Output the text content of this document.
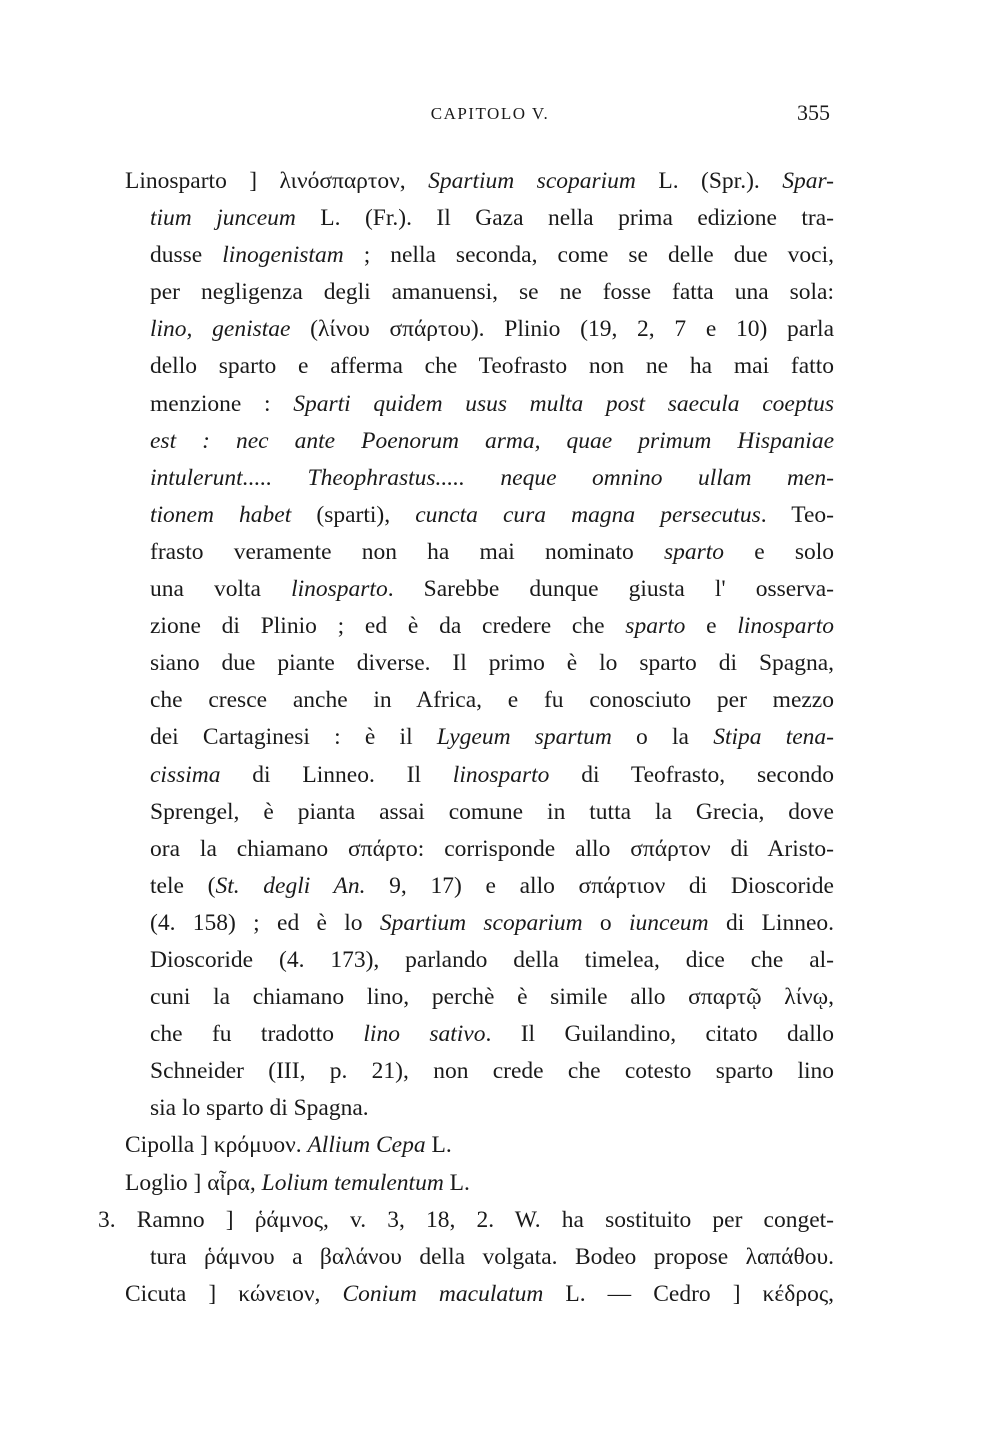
CAPITOLO V.	355
Linosparto ] λινόσπαρτον, Spartium scoparium L. (Spr.). Spar-
tium junceum L. (Fr.). Il Gaza nella prima edizione tra-
dusse linogenistam ; nella seconda, come se delle due voci,
per negligenza degli amanuensi, se ne fosse fatta una sola:
lino, genistae (λίνου σπάρτου). Plinio (19, 2, 7 e 10) parla
dello sparto e afferma che Teofrasto non ne ha mai fatto
menzione : Sparti quidem usus multa post saecula coeptus
est : nec ante Poenorum arma, quae primum Hispaniae
intulerunt..... Theophrastus..... neque omnino ullam men-
tionem habet (sparti), cuncta cura magna persecutus. Teo-
frasto veramente non ha mai nominato sparto e solo
una volta linosparto. Sarebbe dunque giusta l' osserva-
zione di Plinio ; ed è da credere che sparto e linosparto
siano due piante diverse. Il primo è lo sparto di Spagna,
che cresce anche in Africa, e fu conosciuto per mezzo
dei Cartaginesi : è il Lygeum spartum o la Stipa tena-
cissima di Linneo. Il linosparto di Teofrasto, secondo
Sprengel, è pianta assai comune in tutta la Grecia, dove
ora la chiamano σπάρτο: corrisponde allo σπάρτον di Aristo-
tele (St. degli An. 9, 17) e allo σπάρτιον di Dioscoride
(4. 158) ; ed è lo Spartium scoparium o iunceum di Linneo.
Dioscoride (4. 173), parlando della timelea, dice che al-
cuni la chiamano lino, perchè è simile allo σπαρτῷ λίνῳ,
che fu tradotto lino sativo. Il Guilandino, citato dallo
Schneider (III, p. 21), non crede che cotesto sparto lino
sia lo sparto di Spagna.
Cipolla ] κρόμυον. Allium Cepa L.
Loglio ] αἶρα, Lolium temulentum L.
3. Ramno ] ῥάμνος, v. 3, 18, 2. W. ha sostituito per conget-
tura ῥάμνου a βαλάνου della volgata. Bodeo propose λαπάθου.
Cicuta ] κώνειον, Conium maculatum L. — Cedro ] κέδρος,
